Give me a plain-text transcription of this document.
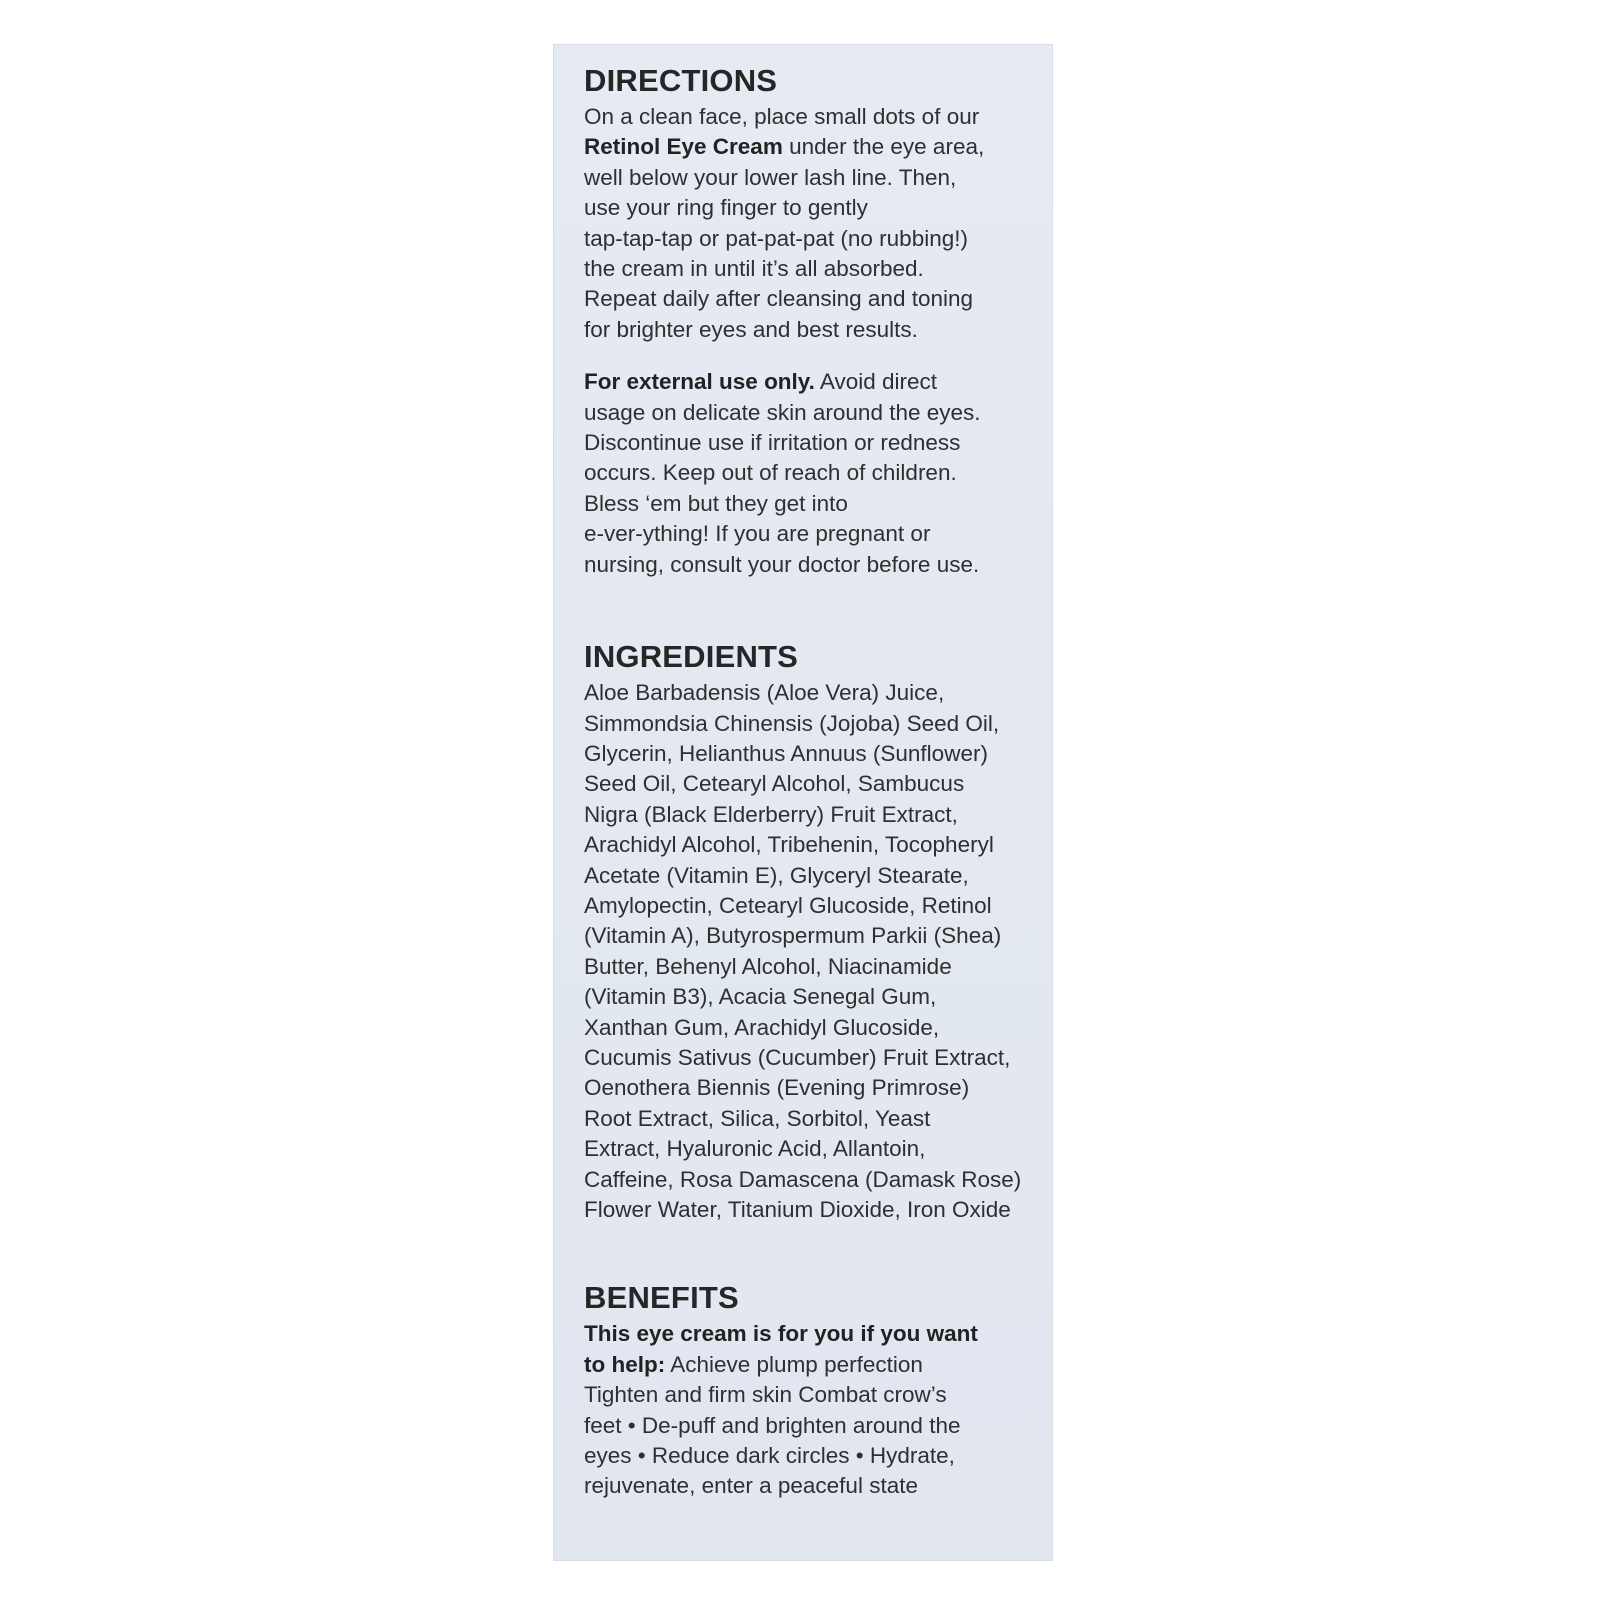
DIRECTIONS
On a clean face, place small dots of our
Retinol Eye Cream under the eye area,
well below your lower lash line. Then,
use your ring finger to gently
tap-tap-tap or pat-pat-pat (no rubbing!)
the cream in until it’s all absorbed.
Repeat daily after cleansing and toning
for brighter eyes and best results.
For external use only. Avoid direct
usage on delicate skin around the eyes.
Discontinue use if irritation or redness
occurs. Keep out of reach of children.
Bless ‘em but they get into
e-ver-ything! If you are pregnant or
nursing, consult your doctor before use.
INGREDIENTS
Aloe Barbadensis (Aloe Vera) Juice,
Simmondsia Chinensis (Jojoba) Seed Oil,
Glycerin, Helianthus Annuus (Sunflower)
Seed Oil, Cetearyl Alcohol, Sambucus
Nigra (Black Elderberry) Fruit Extract,
Arachidyl Alcohol, Tribehenin, Tocopheryl
Acetate (Vitamin E), Glyceryl Stearate,
Amylopectin, Cetearyl Glucoside, Retinol
(Vitamin A), Butyrospermum Parkii (Shea)
Butter, Behenyl Alcohol, Niacinamide
(Vitamin B3), Acacia Senegal Gum,
Xanthan Gum, Arachidyl Glucoside,
Cucumis Sativus (Cucumber) Fruit Extract,
Oenothera Biennis (Evening Primrose)
Root Extract, Silica, Sorbitol, Yeast
Extract, Hyaluronic Acid, Allantoin,
Caffeine, Rosa Damascena (Damask Rose)
Flower Water, Titanium Dioxide, Iron Oxide
BENEFITS
This eye cream is for you if you want
to help: Achieve plump perfection
Tighten and firm skin Combat crow’s
feet • De-puff and brighten around the
eyes • Reduce dark circles • Hydrate,
rejuvenate, enter a peaceful state
